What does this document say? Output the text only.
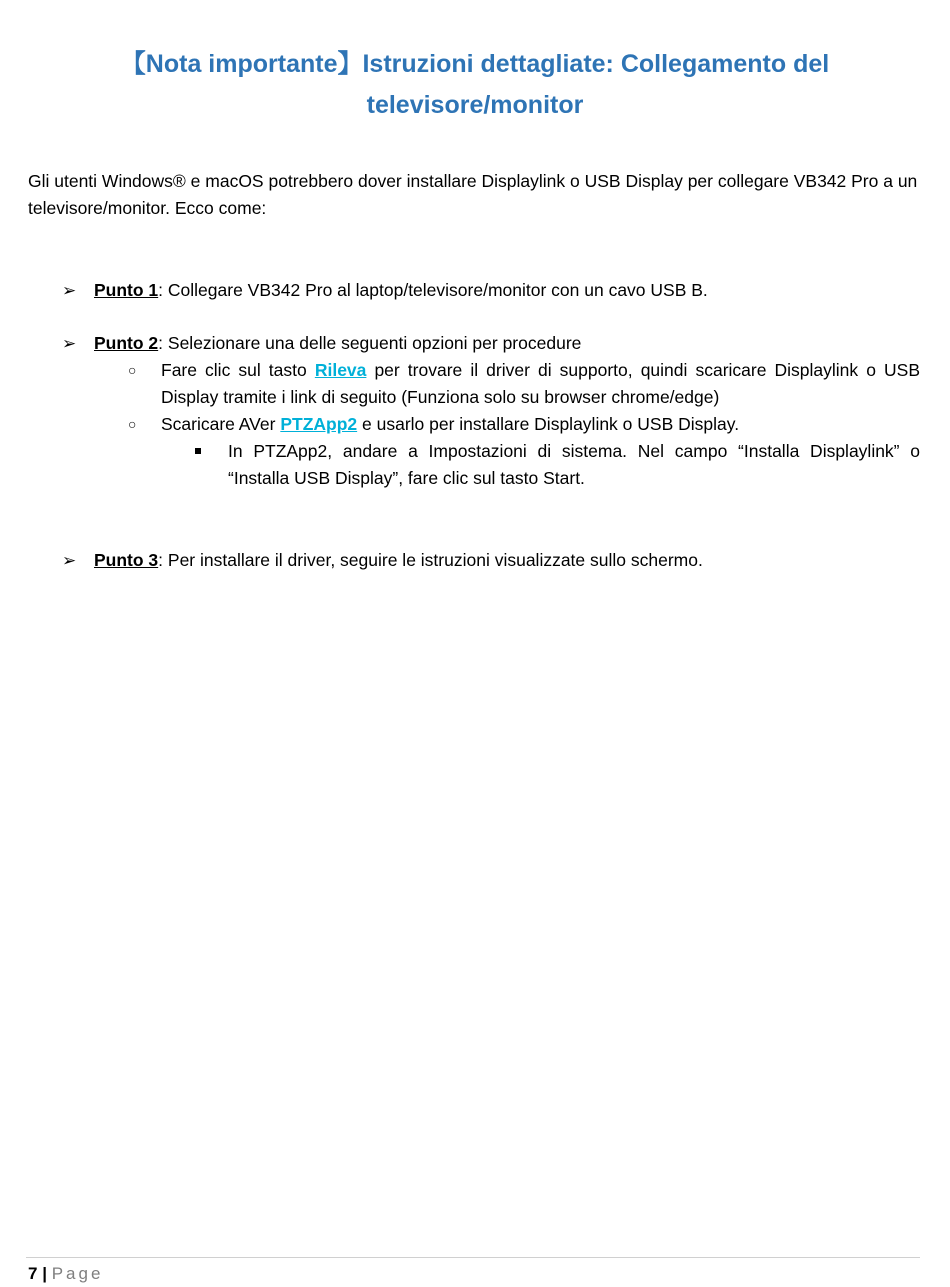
【Nota importante】Istruzioni dettagliate: Collegamento del
televisore/monitor

Gli utenti Windows® e macOS potrebbero dover installare Displaylink o USB Display per collegare VB342 Pro a un televisore/monitor. Ecco come:

➢	Punto 1: Collegare VB342 Pro al laptop/televisore/monitor con un cavo USB B.
➢	Punto 2: Selezionare una delle seguenti opzioni per procedure
○ Fare clic sul tasto Rileva per trovare il driver di supporto, quindi scaricare Displaylink o USB Display tramite i link di seguito (Funziona solo su browser chrome/edge)
○ Scaricare AVer PTZApp2 e usarlo per installare Displaylink o USB Display.
In PTZApp2, andare a Impostazioni di sistema. Nel campo “Installa Displaylink” o “Installa USB Display”, fare clic sul tasto Start.
➢	Punto 3: Per installare il driver, seguire le istruzioni visualizzate sullo schermo.
7 | Page
